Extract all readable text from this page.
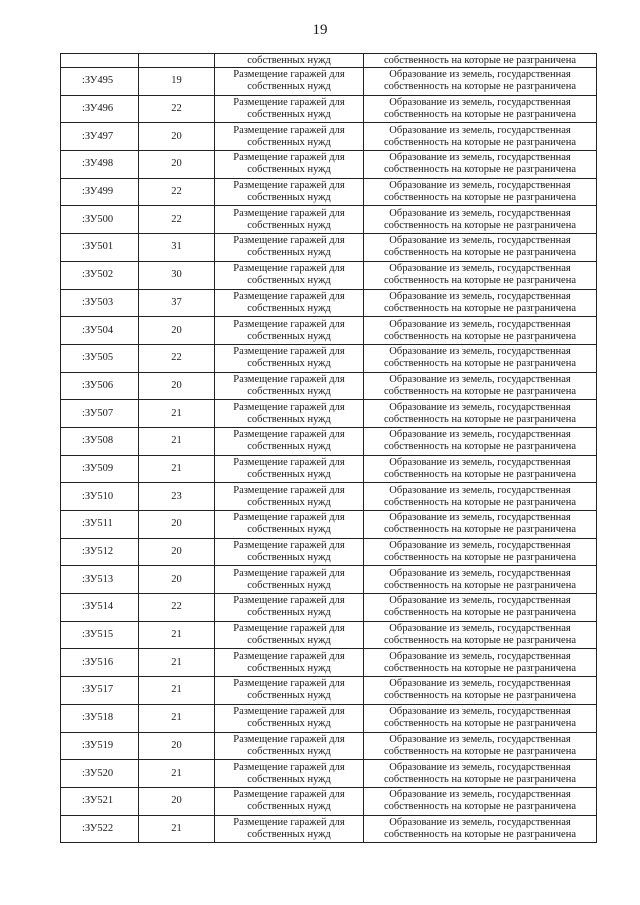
19
		собственных нужд	собственность на которые не разграничена
:ЗУ495	19	Размещение гаражей для
собственных нужд	Образование из земель, государственная
собственность на которые не разграничена

:ЗУ496	22	Размещение гаражей для
собственных нужд	Образование из земель, государственная
собственность на которые не разграничена

:ЗУ497	20	Размещение гаражей для
собственных нужд	Образование из земель, государственная
собственность на которые не разграничена

:ЗУ498	20	Размещение гаражей для
собственных нужд	Образование из земель, государственная
собственность на которые не разграничена

:ЗУ499	22	Размещение гаражей для
собственных нужд	Образование из земель, государственная
собственность на которые не разграничена

:ЗУ500	22	Размещение гаражей для
собственных нужд	Образование из земель, государственная
собственность на которые не разграничена

:ЗУ501	31	Размещение гаражей для
собственных нужд	Образование из земель, государственная
собственность на которые не разграничена

:ЗУ502	30	Размещение гаражей для
собственных нужд	Образование из земель, государственная
собственность на которые не разграничена

:ЗУ503	37	Размещение гаражей для
собственных нужд	Образование из земель, государственная
собственность на которые не разграничена

:ЗУ504	20	Размещение гаражей для
собственных нужд	Образование из земель, государственная
собственность на которые не разграничена

:ЗУ505	22	Размещение гаражей для
собственных нужд	Образование из земель, государственная
собственность на которые не разграничена

:ЗУ506	20	Размещение гаражей для
собственных нужд	Образование из земель, государственная
собственность на которые не разграничена

:ЗУ507	21	Размещение гаражей для
собственных нужд	Образование из земель, государственная
собственность на которые не разграничена

:ЗУ508	21	Размещение гаражей для
собственных нужд	Образование из земель, государственная
собственность на которые не разграничена

:ЗУ509	21	Размещение гаражей для
собственных нужд	Образование из земель, государственная
собственность на которые не разграничена

:ЗУ510	23	Размещение гаражей для
собственных нужд	Образование из земель, государственная
собственность на которые не разграничена

:ЗУ511	20	Размещение гаражей для
собственных нужд	Образование из земель, государственная
собственность на которые не разграничена

:ЗУ512	20	Размещение гаражей для
собственных нужд	Образование из земель, государственная
собственность на которые не разграничена

:ЗУ513	20	Размещение гаражей для
собственных нужд	Образование из земель, государственная
собственность на которые не разграничена

:ЗУ514	22	Размещение гаражей для
собственных нужд	Образование из земель, государственная
собственность на которые не разграничена

:ЗУ515	21	Размещение гаражей для
собственных нужд	Образование из земель, государственная
собственность на которые не разграничена

:ЗУ516	21	Размещение гаражей для
собственных нужд	Образование из земель, государственная
собственность на которые не разграничена

:ЗУ517	21	Размещение гаражей для
собственных нужд	Образование из земель, государственная
собственность на которые не разграничена

:ЗУ518	21	Размещение гаражей для
собственных нужд	Образование из земель, государственная
собственность на которые не разграничена

:ЗУ519	20	Размещение гаражей для
собственных нужд	Образование из земель, государственная
собственность на которые не разграничена

:ЗУ520	21	Размещение гаражей для
собственных нужд	Образование из земель, государственная
собственность на которые не разграничена

:ЗУ521	20	Размещение гаражей для
собственных нужд	Образование из земель, государственная
собственность на которые не разграничена

:ЗУ522	21	Размещение гаражей для
собственных нужд	Образование из земель, государственная
собственность на которые не разграничена
